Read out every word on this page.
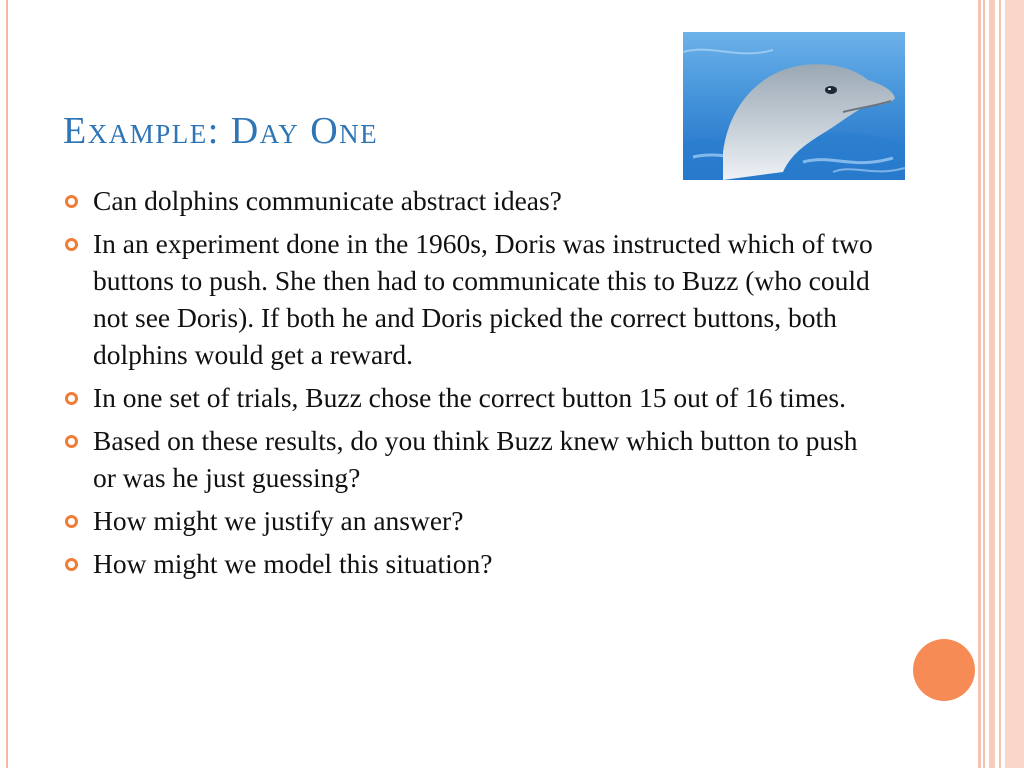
Example: Day One
Can dolphins communicate abstract ideas?
In an experiment done in the 1960s, Doris was instructed which of two buttons to push. She then had to communicate this to Buzz (who could not see Doris). If both he and Doris picked the correct buttons, both dolphins would get a reward.
In one set of trials, Buzz chose the correct button 15 out of 16 times.
Based on these results, do you think Buzz knew which button to push or was he just guessing?
How might we justify an answer?
How might we model this situation?
